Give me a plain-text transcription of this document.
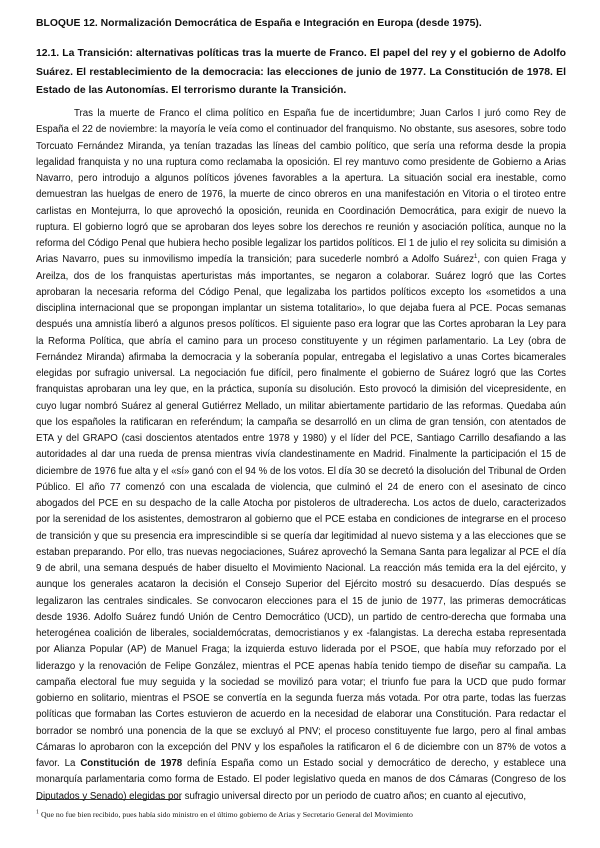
BLOQUE 12. Normalización Democrática de España e Integración en Europa (desde 1975).
12.1. La Transición: alternativas políticas tras la muerte de Franco. El papel del rey y el gobierno de Adolfo Suárez. El restablecimiento de la democracia: las elecciones de junio de 1977. La Constitución de 1978. El Estado de las Autonomías. El terrorismo durante la Transición.
Tras la muerte de Franco el clima político en España fue de incertidumbre; Juan Carlos I juró como Rey de España el 22 de noviembre: la mayoría le veía como el continuador del franquismo. No obstante, sus asesores, sobre todo Torcuato Fernández Miranda, ya tenían trazadas las líneas del cambio político, que sería una reforma desde la propia legalidad franquista y no una ruptura como reclamaba la oposición. El rey mantuvo como presidente de Gobierno a Arias Navarro, pero introdujo a algunos políticos jóvenes favorables a la apertura. La situación social era inestable, como demuestran las huelgas de enero de 1976, la muerte de cinco obreros en una manifestación en Vitoria o el tiroteo entre carlistas en Montejurra, lo que aprovechó la oposición, reunida en Coordinación Democrática, para exigir de nuevo la ruptura. El gobierno logró que se aprobaran dos leyes sobre los derechos re reunión y asociación política, aunque no la reforma del Código Penal que hubiera hecho posible legalizar los partidos políticos. El 1 de julio el rey solicita su dimisión a Arias Navarro, pues su inmovilismo impedía la transición; para sucederle nombró a Adolfo Suárez$^1$, con quien Fraga y Areilza, dos de los franquistas aperturistas más importantes, se negaron a colaborar. Suárez logró que las Cortes aprobaran la necesaria reforma del Código Penal, que legalizaba los partidos políticos excepto los «sometidos a una disciplina internacional que se propongan implantar un sistema totalitario», lo que dejaba fuera al PCE. Pocas semanas después una amnistía liberó a algunos presos políticos. El siguiente paso era lograr que las Cortes aprobaran la Ley para la Reforma Política, que abría el camino para un proceso constituyente y un régimen parlamentario. La Ley (obra de Fernández Miranda) afirmaba la democracia y la soberanía popular, entregaba el legislativo a unas Cortes bicamerales elegidas por sufragio universal. La negociación fue difícil, pero finalmente el gobierno de Suárez logró que las Cortes franquistas aprobaran una ley que, en la práctica, suponía su disolución. Esto provocó la dimisión del vicepresidente, en cuyo lugar nombró Suárez al general Gutiérrez Mellado, un militar abiertamente partidario de las reformas. Quedaba aún que los españoles la ratificaran en referéndum; la campaña se desarrolló en un clima de gran tensión, con atentados de ETA y del GRAPO (casi doscientos atentados entre 1978 y 1980) y el líder del PCE, Santiago Carrillo desafiando a las autoridades al dar una rueda de prensa mientras vivía clandestinamente en Madrid. Finalmente la participación el 15 de diciembre de 1976 fue alta y el «sí» ganó con el 94 % de los votos. El día 30 se decretó la disolución del Tribunal de Orden Público. El año 77 comenzó con una escalada de violencia, que culminó el 24 de enero con el asesinato de cinco abogados del PCE en su despacho de la calle Atocha por pistoleros de ultraderecha. Los actos de duelo, caracterizados por la serenidad de los asistentes, demostraron al gobierno que el PCE estaba en condiciones de integrarse en el proceso de transición y que su presencia era imprescindible si se quería dar legitimidad al nuevo sistema y a las elecciones que se estaban preparando. Por ello, tras nuevas negociaciones, Suárez aprovechó la Semana Santa para legalizar al PCE el día 9 de abril, una semana después de haber disuelto el Movimiento Nacional. La reacción más temida era la del ejército, y aunque los generales acataron la decisión el Consejo Superior del Ejército mostró su desacuerdo. Días después se legalizaron las centrales sindicales. Se convocaron elecciones para el 15 de junio de 1977, las primeras democráticas desde 1936. Adolfo Suárez fundó Unión de Centro Democrático (UCD), un partido de centro-derecha que formaba una heterogénea coalición de liberales, socialdemócratas, democristianos y ex -falangistas. La derecha estaba representada por Alianza Popular (AP) de Manuel Fraga; la izquierda estuvo liderada por el PSOE, que había muy reforzado por el liderazgo y la renovación de Felipe González, mientras el PCE apenas había tenido tiempo de diseñar su campaña. La campaña electoral fue muy seguida y la sociedad se movilizó para votar; el triunfo fue para la UCD que pudo formar gobierno en solitario, mientras el PSOE se convertía en la segunda fuerza más votada. Por otra parte, todas las fuerzas políticas que formaban las Cortes estuvieron de acuerdo en la necesidad de elaborar una Constitución. Para redactar el borrador se nombró una ponencia de la que se excluyó al PNV; el proceso constituyente fue largo, pero al final ambas Cámaras lo aprobaron con la excepción del PNV y los españoles la ratificaron el 6 de diciembre con un 87% de votos a favor. La Constitución de 1978 definía España como un Estado social y democrático de derecho, y establece una monarquía parlamentaria como forma de Estado. El poder legislativo queda en manos de dos Cámaras (Congreso de los Diputados y Senado) elegidas por sufragio universal directo por un periodo de cuatro años; en cuanto al ejecutivo,
$^1$ Que no fue bien recibido, pues había sido ministro en el último gobierno de Arias y Secretario General del Movimiento
